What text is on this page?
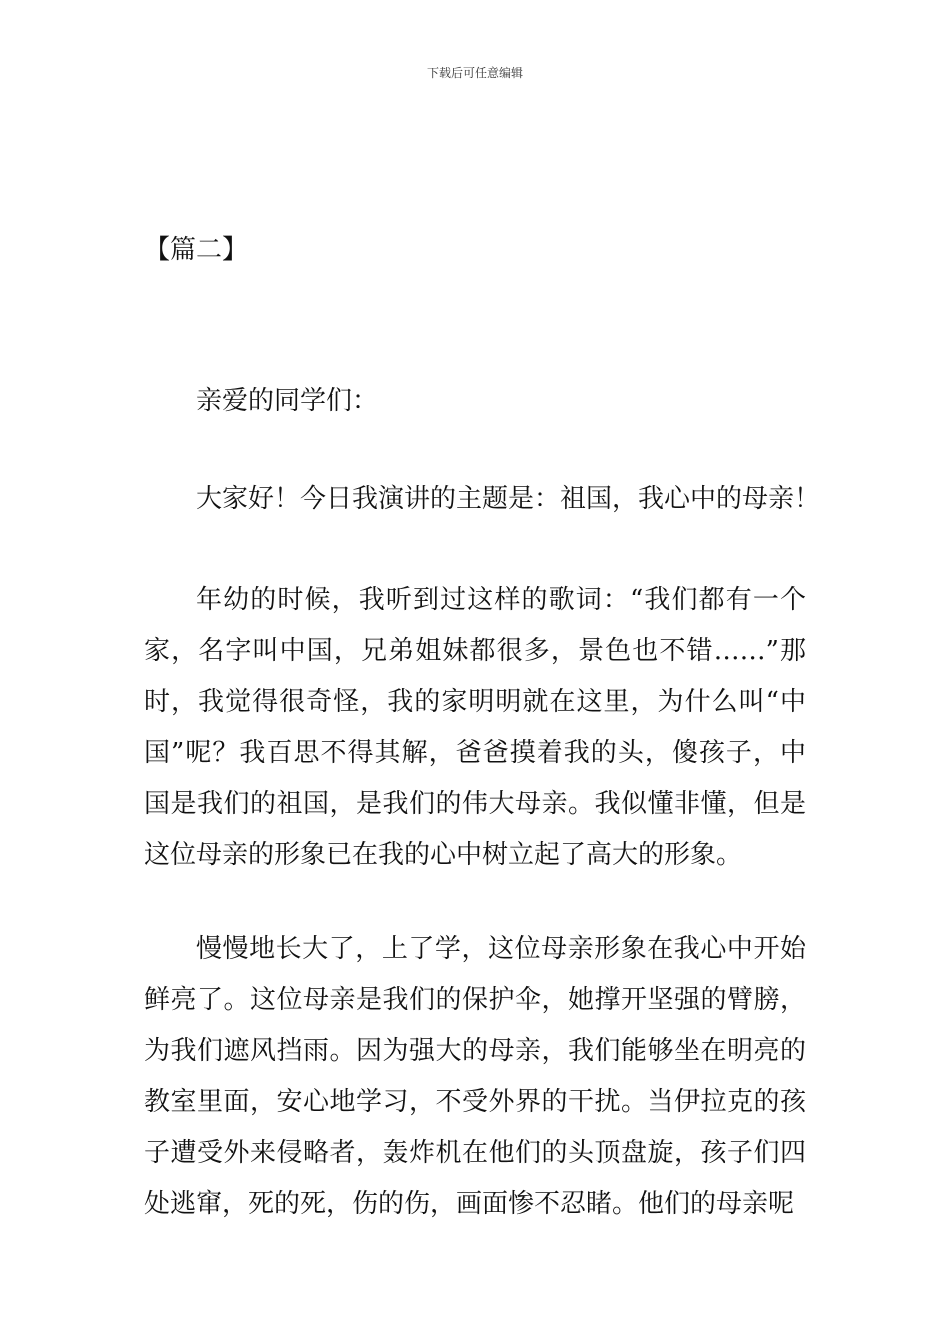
下载后可任意编辑
【篇二】

亲爱的同学们：

大家好！今日我演讲的主题是：祖国，我心中的母亲！

年幼的时候，我听到过这样的歌词：“我们都有一个家，名字叫中国，兄弟姐妹都很多，景色也不错……”那时，我觉得很奇怪，我的家明明就在这里，为什么叫“中国”呢？我百思不得其解，爸爸摸着我的头，傻孩子，中国是我们的祖国，是我们的伟大母亲。我似懂非懂，但是这位母亲的形象已在我的心中树立起了高大的形象。

慢慢地长大了，上了学，这位母亲形象在我心中开始鲜亮了。这位母亲是我们的保护伞，她撑开坚强的臂膀，为我们遮风挡雨。因为强大的母亲，我们能够坐在明亮的教室里面，安心地学习，不受外界的干扰。当伊拉克的孩子遭受外来侵略者，轰炸机在他们的头顶盘旋，孩子们四处逃窜，死的死，伤的伤，画面惨不忍睹。他们的母亲呢
